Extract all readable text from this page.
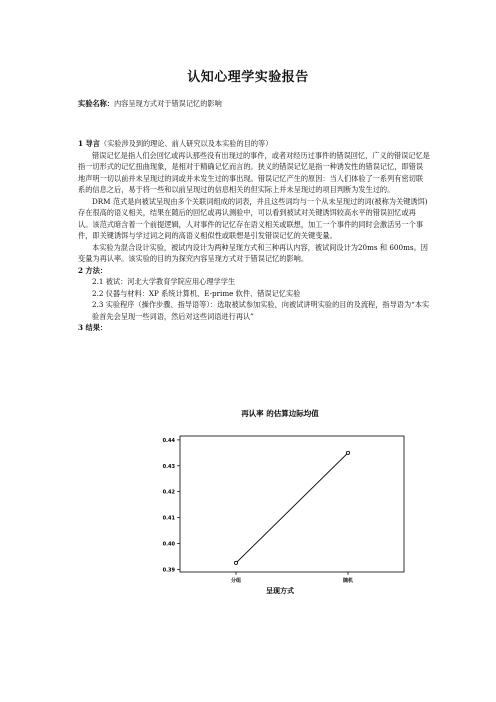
认知心理学实验报告

实验名称：内容呈现方式对于错误记忆的影响

1 导言（实验涉及到的理论、前人研究以及本实验的目的等）

错误记忆是指人们会回忆或再认那些没有出现过的事件，或者对经历过事件的错误回忆，广义的错误记忆是指一切形式的记忆扭曲现象，是相对于精确记忆而言的。狭义的错误记忆是指一种诱发性的错误记忆，即错误地声明一切以前并未呈现过的词或并未发生过的事出现。错误记忆产生的原因：当人们体验了一系列有密切联系的信息之后，易于将一些和以前呈现过的信息相关的但实际上并未呈现过的项目判断为发生过的。

DRM 范式是向被试呈现由多个关联词组成的词表，并且这些词均与一个从未呈现过的词(被称为关键诱饵)存在很高的语义相关，结果在随后的回忆或再认测验中，可以看到被试对关键诱饵较高水平的错误回忆或再认。该范式暗含着一个前提逻辑，人对事件的记忆存在语义相关或联想，加工一个事件的同时会激活另一个事件，即关键诱饵与学过词之间的高语义相似性或联想是引发错误记忆的关键变量。

本实验为混合设计实验，被试内设计为两种呈现方式和三种再认内容，被试间设计为20ms 和 600ms。因变量为再认率。该实验的目的为探究内容呈现方式对于错误记忆的影响。

2 方法：

2.1 被试：河北大学教育学院应用心理学学生

2.2 仪器与材料：XP 系统计算机、E-prime 软件、错误记忆实验

2.3 实验程序（操作步骤、指导语等）：选取被试参加实验，向被试讲明实验的目的及流程，指导语为“本实验首先会呈现一些词语，然后对这些词语进行再认”

3 结果：

再认率 的估算边际均值
0.39
0.40
0.41
0.42
0.43
0.44
分组	随机
呈现方式
